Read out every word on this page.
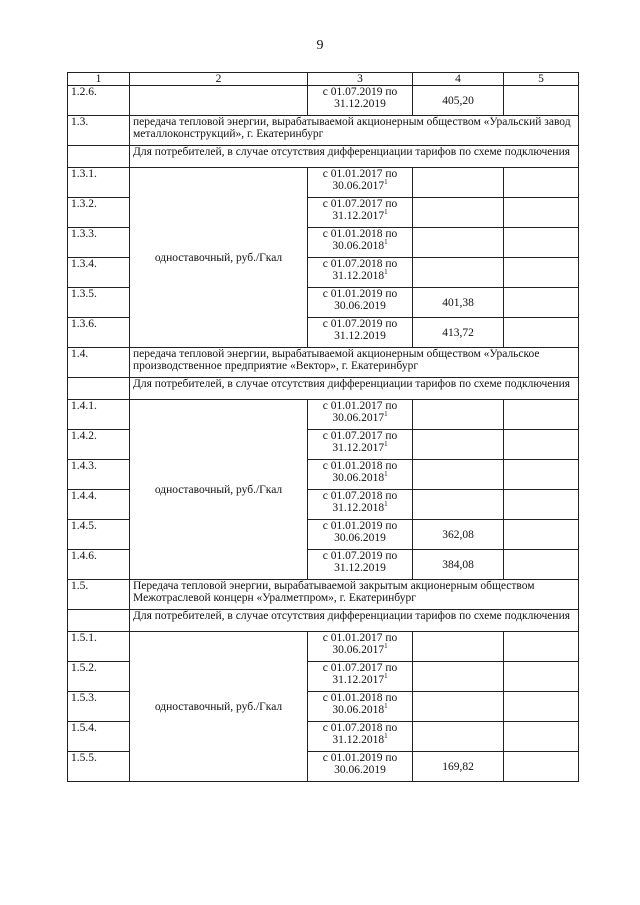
9
1	2	3	4	5
1.2.6.		с 01.07.2019 по
31.12.2019	405,20	
1.3.	передача тепловой энергии, вырабатываемой акционерным обществом «Уральский завод металлоконструкций», г. Екатеринбург			
	Для потребителей, в случае отсутствия дифференциации тарифов по схеме подключения			
1.3.1.	одноставочный, руб./Гкал	с 01.01.2017 по
30.06.2017$^1$		
1.3.2.		с 01.07.2017 по
31.12.2017$^1$		
1.3.3.		с 01.01.2018 по
30.06.2018$^1$		
1.3.4.		с 01.07.2018 по
31.12.2018$^1$		
1.3.5.		с 01.01.2019 по
30.06.2019	401,38	
1.3.6.		с 01.07.2019 по
31.12.2019	413,72	
1.4.	передача тепловой энергии, вырабатываемой акционерным обществом «Уральское производственное предприятие «Вектор», г. Екатеринбург			
	Для потребителей, в случае отсутствия дифференциации тарифов по схеме подключения			
1.4.1.	одноставочный, руб./Гкал	с 01.01.2017 по
30.06.2017$^1$		
1.4.2.		с 01.07.2017 по
31.12.2017$^1$		
1.4.3.		с 01.01.2018 по
30.06.2018$^1$		
1.4.4.		с 01.07.2018 по
31.12.2018$^1$		
1.4.5.		с 01.01.2019 по
30.06.2019	362,08	
1.4.6.		с 01.07.2019 по
31.12.2019	384,08	
1.5.	Передача тепловой энергии, вырабатываемой закрытым акционерным обществом Межотраслевой концерн «Уралметпром», г. Екатеринбург			
	Для потребителей, в случае отсутствия дифференциации тарифов по схеме подключения			
1.5.1.	одноставочный, руб./Гкал	с 01.01.2017 по
30.06.2017$^1$		
1.5.2.		с 01.07.2017 по
31.12.2017$^1$		
1.5.3.		с 01.01.2018 по
30.06.2018$^1$		
1.5.4.		с 01.07.2018 по
31.12.2018$^1$		
1.5.5.		с 01.01.2019 по
30.06.2019	169,82	
